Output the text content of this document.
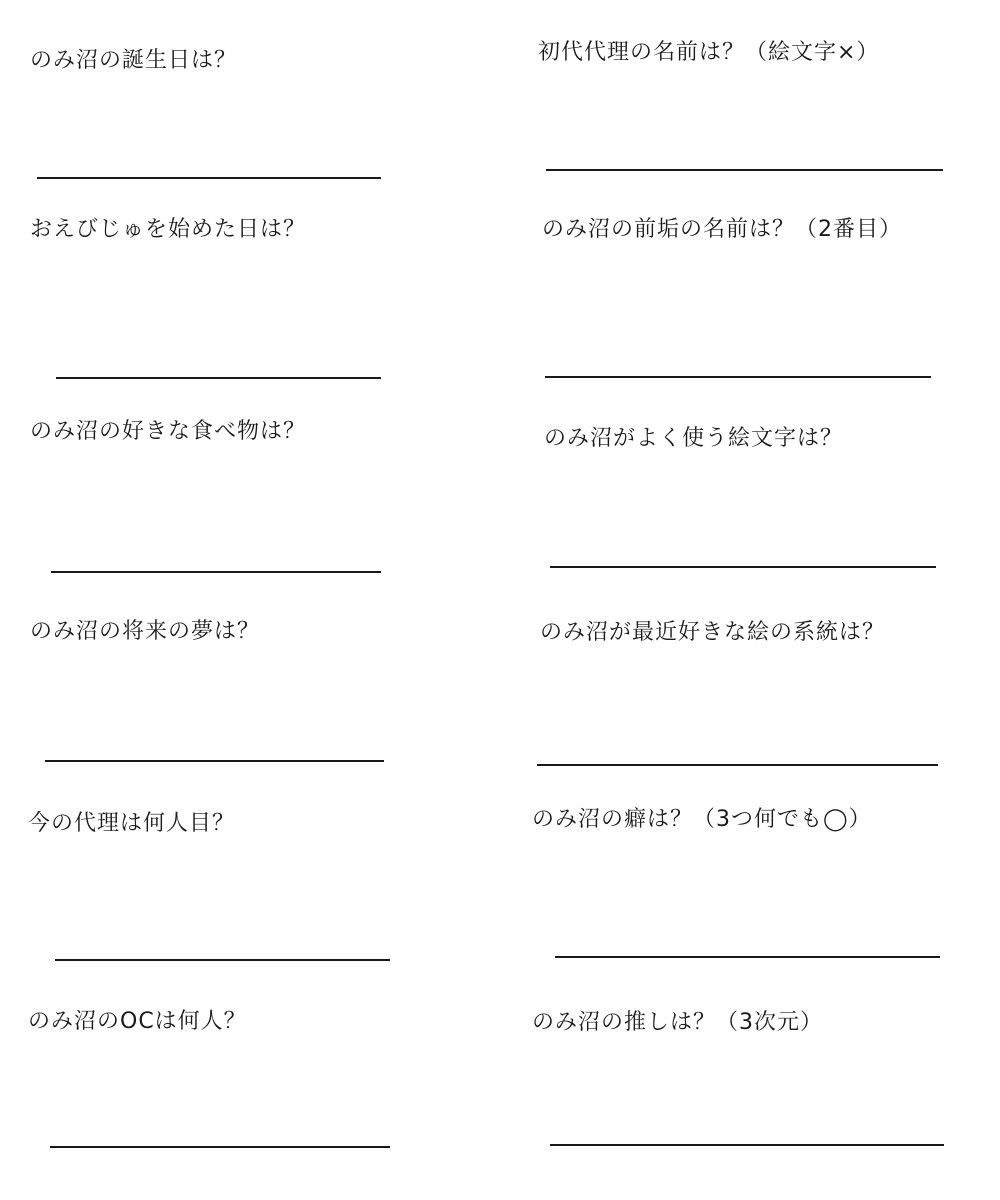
のみ沼の誕生日は？
おえびじゅを始めた日は？
のみ沼の好きな食べ物は？
のみ沼の将来の夢は？
今の代理は何人目？
のみ沼のOCは何人？
初代代理の名前は？（絵文字×）
のみ沼の前垢の名前は？（2番目）
のみ沼がよく使う絵文字は？
のみ沼が最近好きな絵の系統は？
のみ沼の癖は？（3つ何でも◯）
のみ沼の推しは？（3次元）
